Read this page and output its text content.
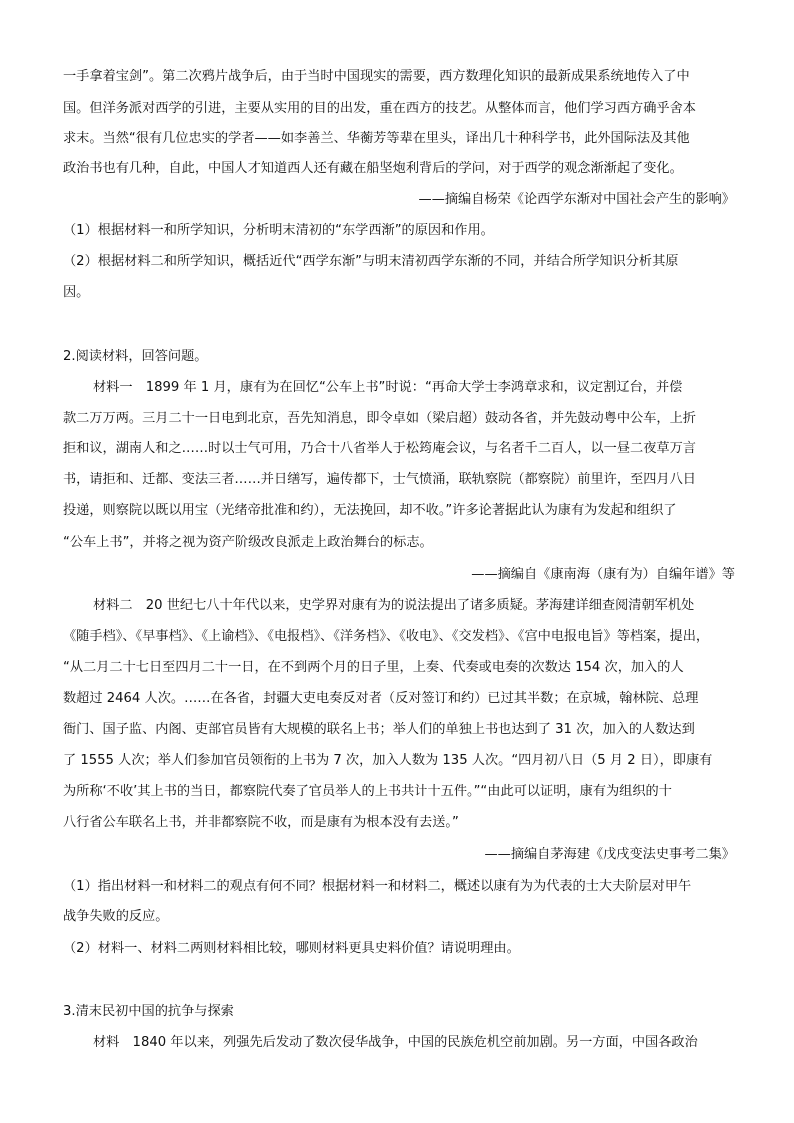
一手拿着宝剑”。第二次鸦片战争后，由于当时中国现实的需要，西方数理化知识的最新成果系统地传入了中
国。但洋务派对西学的引进，主要从实用的目的出发，重在西方的技艺。从整体而言，他们学习西方确乎舍本
求末。当然“很有几位忠实的学者——如李善兰、华蘅芳等辈在里头，译出几十种科学书，此外国际法及其他
政治书也有几种，自此，中国人才知道西人还有藏在船坚炮利背后的学问，对于西学的观念渐渐起了变化。
——摘编自杨荣《论西学东渐对中国社会产生的影响》
（1）根据材料一和所学知识，分析明末清初的“东学西渐”的原因和作用。
（2）根据材料二和所学知识，概括近代“西学东渐”与明末清初西学东渐的不同，并结合所学知识分析其原
因。
2.阅读材料，回答问题。
材料一　1899 年 1 月，康有为在回忆“公车上书”时说：“再命大学士李鸿章求和，议定割辽台，并偿
款二万万两。三月二十一日电到北京，吾先知消息，即令卓如（梁启超）鼓动各省，并先鼓动粤中公车，上折
拒和议，湖南人和之……时以士气可用，乃合十八省举人于松筠庵会议，与名者千二百人，以一昼二夜草万言
书，请拒和、迁都、变法三者……并日缮写，遍传都下，士气愤涌，联轨察院（都察院）前里许，至四月八日
投递，则察院以既以用宝（光绪帝批准和约），无法挽回，却不收。”许多论著据此认为康有为发起和组织了
“公车上书”，并将之视为资产阶级改良派走上政治舞台的标志。
——摘编自《康南海（康有为）自编年谱》等
材料二　20 世纪七八十年代以来，史学界对康有为的说法提出了诸多质疑。茅海建详细查阅清朝军机处
《随手档》、《早事档》、《上谕档》、《电报档》、《洋务档》、《收电》、《交发档》、《宫中电报电旨》等档案，提出，
“从二月二十七日至四月二十一日，在不到两个月的日子里，上奏、代奏或电奏的次数达 154 次，加入的人
数超过 2464 人次。……在各省，封疆大吏电奏反对者（反对签订和约）已过其半数；在京城，翰林院、总理
衙门、国子监、内阁、吏部官员皆有大规模的联名上书；举人们的单独上书也达到了 31 次，加入的人数达到
了 1555 人次；举人们参加官员领衔的上书为 7 次，加入人数为 135 人次。“四月初八日（5 月 2 日），即康有
为所称‘不收’其上书的当日，都察院代奏了官员举人的上书共计十五件。”“由此可以证明，康有为组织的十
八行省公车联名上书，并非都察院不收，而是康有为根本没有去送。”
——摘编自茅海建《戊戌变法史事考二集》
（1）指出材料一和材料二的观点有何不同？根据材料一和材料二，概述以康有为为代表的士大夫阶层对甲午
战争失败的反应。
（2）材料一、材料二两则材料相比较，哪则材料更具史料价值？请说明理由。
3.清末民初中国的抗争与探索
材料　1840 年以来，列强先后发动了数次侵华战争，中国的民族危机空前加剧。另一方面，中国各政治
